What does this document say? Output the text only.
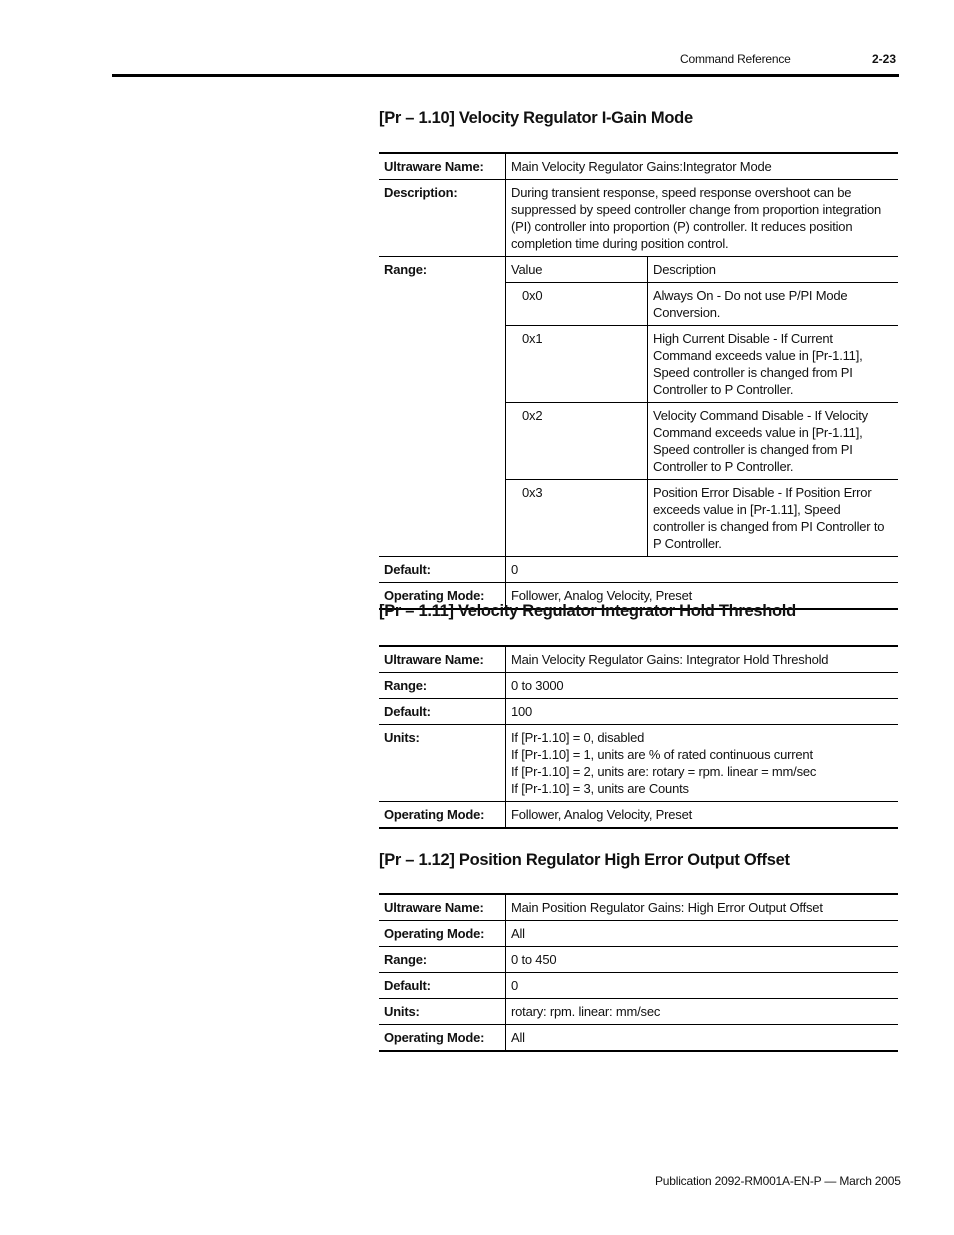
Command Reference	2-23
[Pr – 1.10] Velocity Regulator I-Gain Mode
Ultraware Name:	Main Velocity Regulator Gains:Integrator Mode
Description:	During transient response, speed response overshoot can be suppressed by speed controller change from proportion integration (PI) controller into proportion (P) controller. It reduces position completion time during position control.
Range:		Value	Description
0x0	Always On - Do not use P/PI Mode Conversion.
0x1	High Current Disable - If Current Command exceeds value in [Pr-1.11], Speed controller is changed from PI Controller to P Controller.
0x2	Velocity Command Disable - If Velocity Command exceeds value in [Pr-1.11], Speed controller is changed from PI Controller to P Controller.
0x3	Position Error Disable - If Position Error exceeds value in [Pr-1.11], Speed controller is changed from PI Controller to P Controller.

Default:	0
Operating Mode:	Follower, Analog Velocity, Preset
[Pr – 1.11] Velocity Regulator Integrator Hold Threshold
Ultraware Name:	Main Velocity Regulator Gains: Integrator Hold Threshold
Range:	0 to 3000
Default:	100
Units:	If [Pr-1.10] = 0, disabled
If [Pr-1.10] = 1, units are % of rated continuous current
If [Pr-1.10] = 2, units are: rotary = rpm. linear = mm/sec
If [Pr-1.10] = 3, units are Counts

Operating Mode:	Follower, Analog Velocity, Preset
[Pr – 1.12] Position Regulator High Error Output Offset
Ultraware Name:	Main Position Regulator Gains: High Error Output Offset
Operating Mode:	All
Range:	0 to 450
Default:	0
Units:	rotary: rpm. linear: mm/sec
Operating Mode:	All
Publication 2092-RM001A-EN-P — March 2005
